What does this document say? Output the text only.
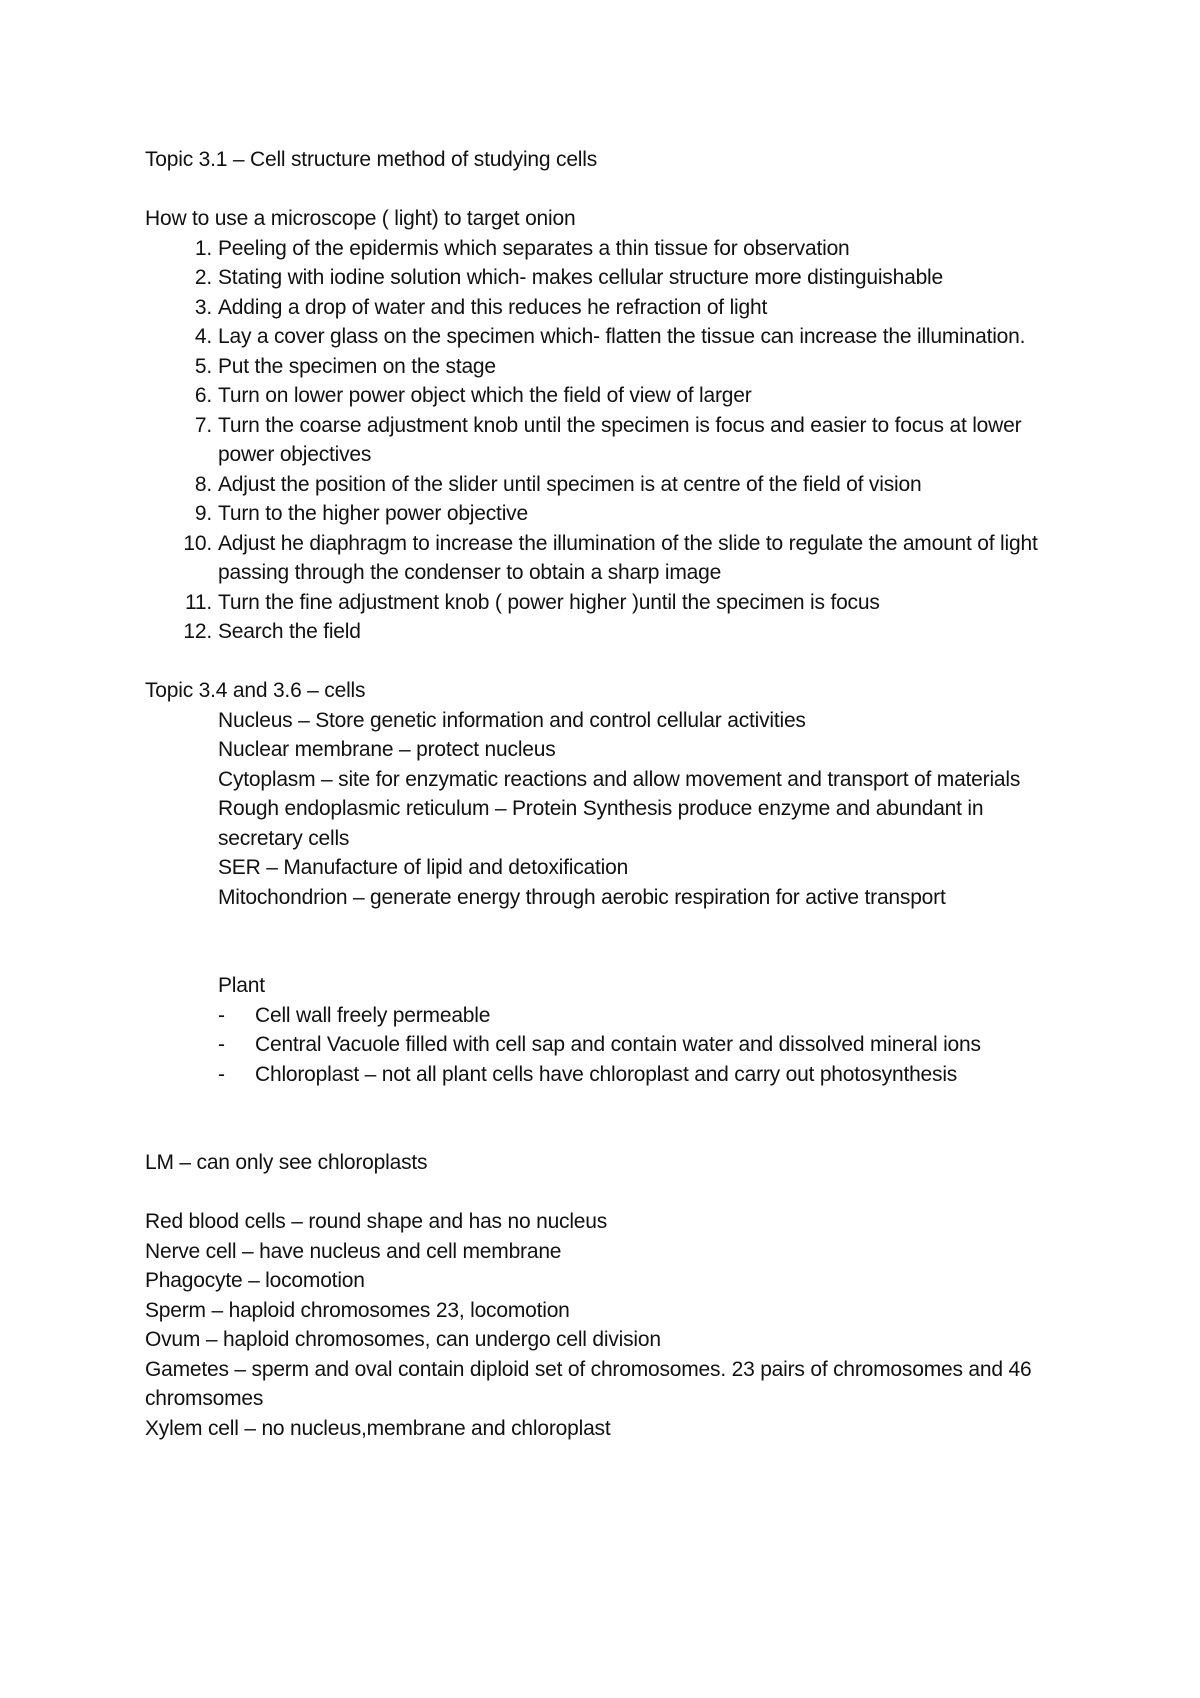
Topic 3.1 – Cell structure method of studying cells
How to use a microscope ( light) to target onion
1. Peeling of the epidermis which separates a thin tissue for observation
2. Stating with iodine solution which- makes cellular structure more distinguishable
3. Adding a drop of water and this reduces he refraction of light
4. Lay a cover glass on the specimen which- flatten the tissue can increase the illumination.
5. Put the specimen on the stage
6. Turn on lower power object which the field of view of larger
7. Turn the coarse adjustment knob until the specimen is focus and easier to focus at lower power objectives
8. Adjust the position of the slider until specimen is at centre of the field of vision
9. Turn to the higher power objective
10. Adjust he diaphragm to increase the illumination of the slide to regulate the amount of light passing through the condenser to obtain a sharp image
11. Turn the fine adjustment knob ( power higher )until the specimen is focus
12. Search the field
Topic 3.4 and 3.6 – cells
Nucleus – Store genetic information and control cellular activities
Nuclear membrane – protect nucleus
Cytoplasm – site for enzymatic reactions and allow movement and transport of materials
Rough endoplasmic reticulum – Protein Synthesis produce enzyme and abundant in secretary cells
SER – Manufacture of lipid and detoxification
Mitochondrion – generate energy through aerobic respiration for active transport
Plant
- Cell wall freely permeable
- Central Vacuole filled with cell sap and contain water and dissolved mineral ions
- Chloroplast – not all plant cells have chloroplast and carry out photosynthesis
LM – can only see chloroplasts
Red blood cells – round shape and has no nucleus
Nerve cell – have nucleus and cell membrane
Phagocyte – locomotion
Sperm – haploid chromosomes 23, locomotion
Ovum – haploid chromosomes, can undergo cell division
Gametes – sperm and oval contain diploid set of chromosomes. 23 pairs of chromosomes and 46 chromsomes
Xylem cell – no nucleus,membrane and chloroplast
